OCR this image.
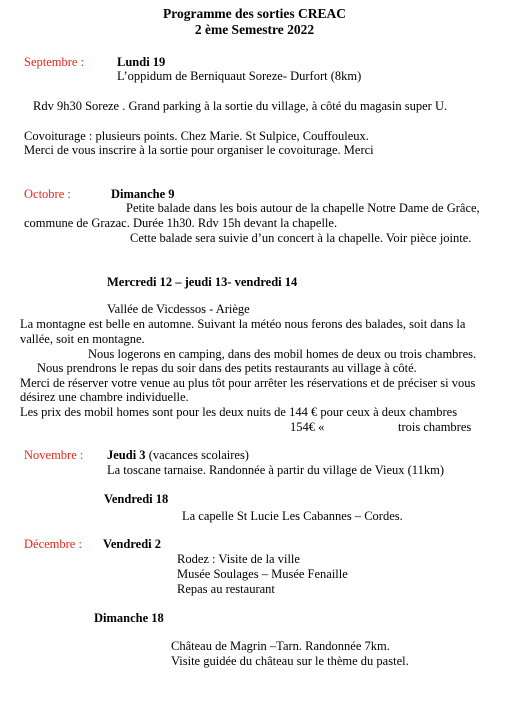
Programme des sorties CREAC
2 ème Semestre 2022
Septembre :	Lundi 19
L’oppidum de Berniquaut Soreze- Durfort (8km)
Rdv 9h30 Soreze . Grand parking à la sortie du village, à côté du magasin super U.
Covoiturage : plusieurs points. Chez Marie. St Sulpice, Couffouleux.
Merci de vous inscrire à la sortie pour organiser le covoiturage. Merci
Octobre :	Dimanche 9
Petite balade dans les bois autour de la chapelle Notre Dame de Grâce,
commune de Grazac. Durée 1h30. Rdv 15h devant la chapelle.
Cette balade sera suivie d’un concert à la chapelle. Voir pièce jointe.
Mercredi 12 – jeudi 13- vendredi 14
Vallée de Vicdessos - Ariège
La montagne est belle en automne. Suivant la météo nous ferons des balades, soit dans la
vallée, soit en montagne.
Nous logerons en camping, dans des mobil homes de deux ou trois chambres.
Nous prendrons le repas du soir dans des petits restaurants au village à côté.
Merci de réserver votre venue au plus tôt pour arrêter les réservations et de préciser si vous
désirez une chambre individuelle.
Les prix des mobil homes sont pour les deux nuits de 144 € pour ceux à deux chambres
154€ «	trois chambres
Novembre : Jeudi 3 (vacances scolaires)
La toscane tarnaise. Randonnée à partir du village de Vieux (11km)
Vendredi 18
La capelle St Lucie Les Cabannes – Cordes.
Décembre : Vendredi 2
Rodez : Visite de la ville
Musée Soulages – Musée Fenaille
Repas au restaurant
Dimanche 18
Château de Magrin –Tarn. Randonnée 7km.
Visite guidée du château sur le thème du pastel.
